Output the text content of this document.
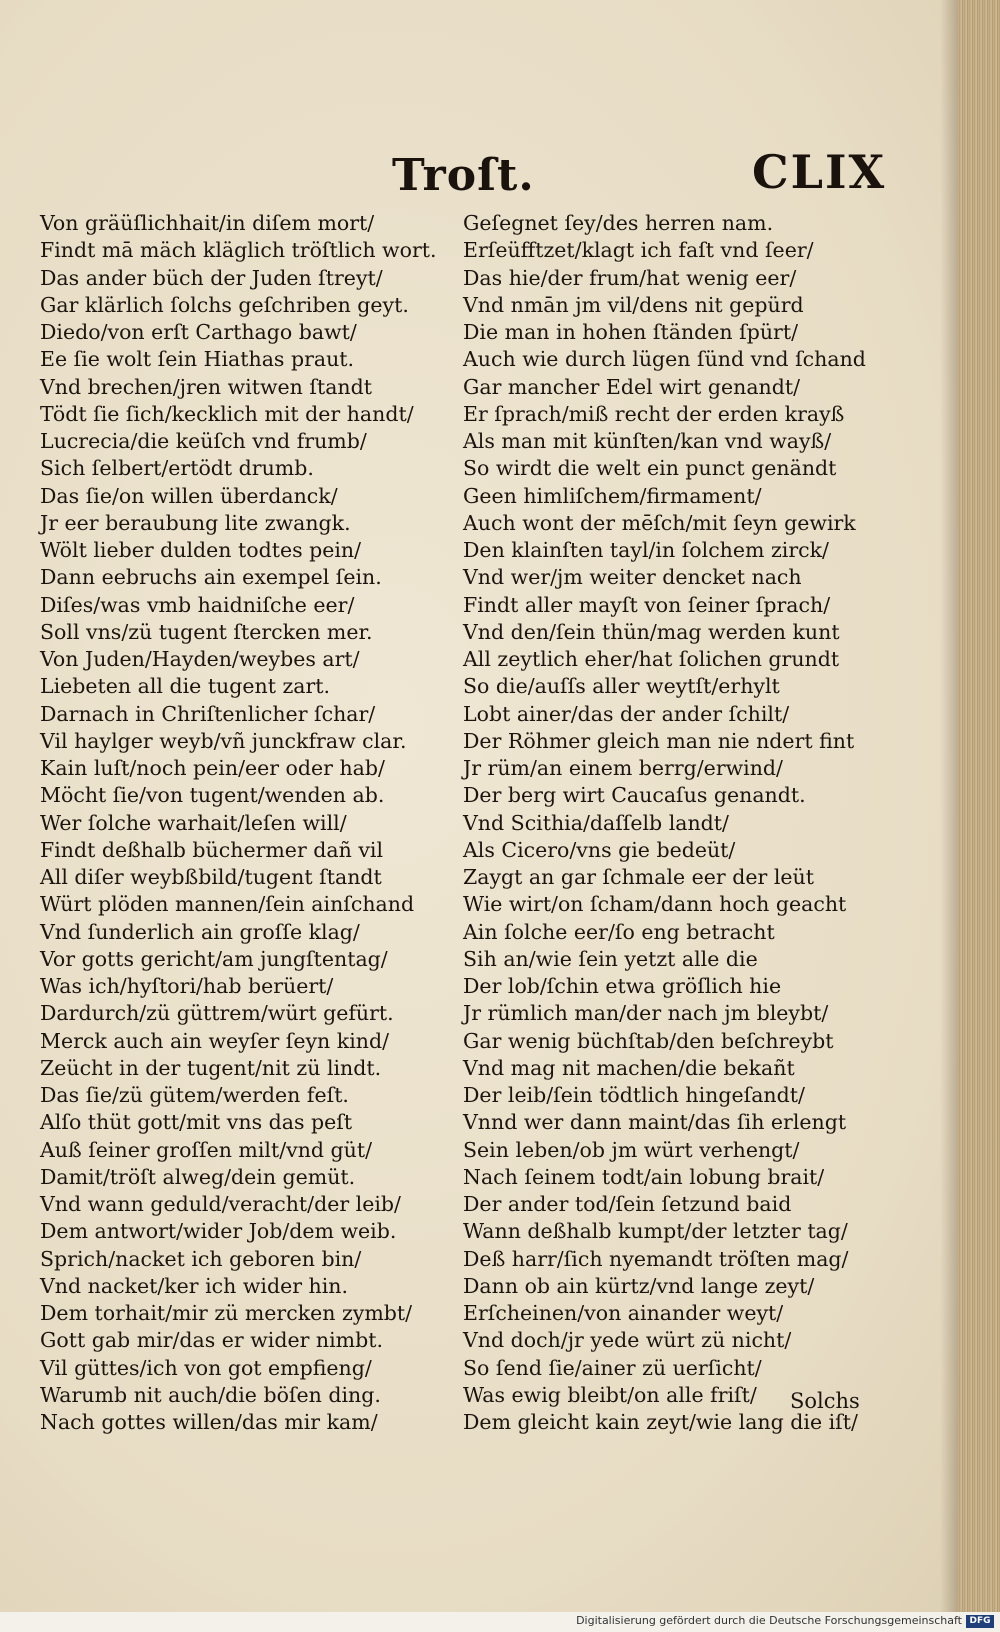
Troſt.	CLIX
Von gräüſlichhait/in diſem mort/
Findt mā mäch kläglich tröſtlich wort.
Das ander büch der Juden ſtreyt/
Gar klärlich ſolchs geſchriben geyt.
Diedo/von erſt Carthago bawt/
Ee ſie wolt ſein Hiathas praut.
Vnd brechen/jren witwen ſtandt
Tödt ſie ſich/kecklich mit der handt/
Lucrecia/die keüſch vnd frumb/
Sich ſelbert/ertödt drumb.
Das ſie/on willen überdanck/
Jr eer beraubung lite zwangk.
Wölt lieber dulden todtes pein/
Dann eebruchs ain exempel ſein.
Diſes/was vmb haidniſche eer/
Soll vns/zü tugent ſtercken mer.
Von Juden/Hayden/weybes art/
Liebeten all die tugent zart.
Darnach in Chriſtenlicher ſchar/
Vil haylger weyb/vñ junckfraw clar.
Kain luſt/noch pein/eer oder hab/
Möcht ſie/von tugent/wenden ab.
Wer ſolche warhait/leſen will/
Findt deßhalb büchermer dañ vil
All diſer weybßbild/tugent ſtandt
Würt plöden mannen/ſein ainſchand
Vnd ſunderlich ain groſſe klag/
Vor gotts gericht/am jungſtentag/
Was ich/hyſtori/hab berüert/
Dardurch/zü güttrem/würt gefürt.
Merck auch ain weyſer ſeyn kind/
Zeücht in der tugent/nit zü lindt.
Das ſie/zü gütem/werden feſt.
Alſo thüt gott/mit vns das peſt
Auß ſeiner groſſen milt/vnd güt/
Damit/tröſt alweg/dein gemüt.
Vnd wann geduld/veracht/der leib/
Dem antwort/wider Job/dem weib.
Sprich/nacket ich geboren bin/
Vnd nacket/ker ich wider hin.
Dem torhait/mir zü mercken zymbt/
Gott gab mir/das er wider nimbt.
Vil güttes/ich von got empfieng/
Warumb nit auch/die böſen ding.
Nach gottes willen/das mir kam/
Geſegnet ſey/des herren nam.
Erſeüfftzet/klagt ich faſt vnd ſeer/
Das hie/der frum/hat wenig eer/
Vnd nmān jm vil/dens nit gepürd
Die man in hohen ſtänden ſpürt/
Auch wie durch lügen ſünd vnd ſchand
Gar mancher Edel wirt genandt/
Er ſprach/miß recht der erden krayß
Als man mit künſten/kan vnd wayß/
So wirdt die welt ein punct genändt
Geen himliſchem/firmament/
Auch wont der mēſch/mit ſeyn gewirk
Den klainſten tayl/in ſolchem zirck/
Vnd wer/jm weiter dencket nach
Findt aller mayſt von ſeiner ſprach/
Vnd den/ſein thün/mag werden kunt
All zeytlich eher/hat ſolichen grundt
So die/auſſs aller weytſt/erhylt
Lobt ainer/das der ander ſchilt/
Der Röhmer gleich man nie ndert fint
Jr rüm/an einem berrg/erwind/
Der berg wirt Caucaſus genandt.
Vnd Scithia/daſſelb landt/
Als Cicero/vns gie bedeüt/
Zaygt an gar ſchmale eer der leüt
Wie wirt/on ſcham/dann hoch geacht
Ain ſolche eer/ſo eng betracht
Sih an/wie ſein yetzt alle die
Der lob/ſchin etwa gröſlich hie
Jr rümlich man/der nach jm bleybt/
Gar wenig büchſtab/den beſchreybt
Vnd mag nit machen/die bekañt
Der leib/ſein tödtlich hingeſandt/
Vnnd wer dann maint/das ſih erlengt
Sein leben/ob jm würt verhengt/
Nach ſeinem todt/ain lobung brait/
Der ander tod/ſein ſetzund baid
Wann deßhalb kumpt/der letzter tag/
Deß harr/ſich nyemandt tröſten mag/
Dann ob ain kürtz/vnd lange zeyt/
Erſcheinen/von ainander weyt/
Vnd doch/jr yede würt zü nicht/
So ſend ſie/ainer zü uerſicht/
Was ewig bleibt/on alle friſt/
Dem gleicht kain zeyt/wie lang die iſt/
Solchs
Digitalisierung gefördert durch die Deutsche Forschungsgemeinschaft DFG
